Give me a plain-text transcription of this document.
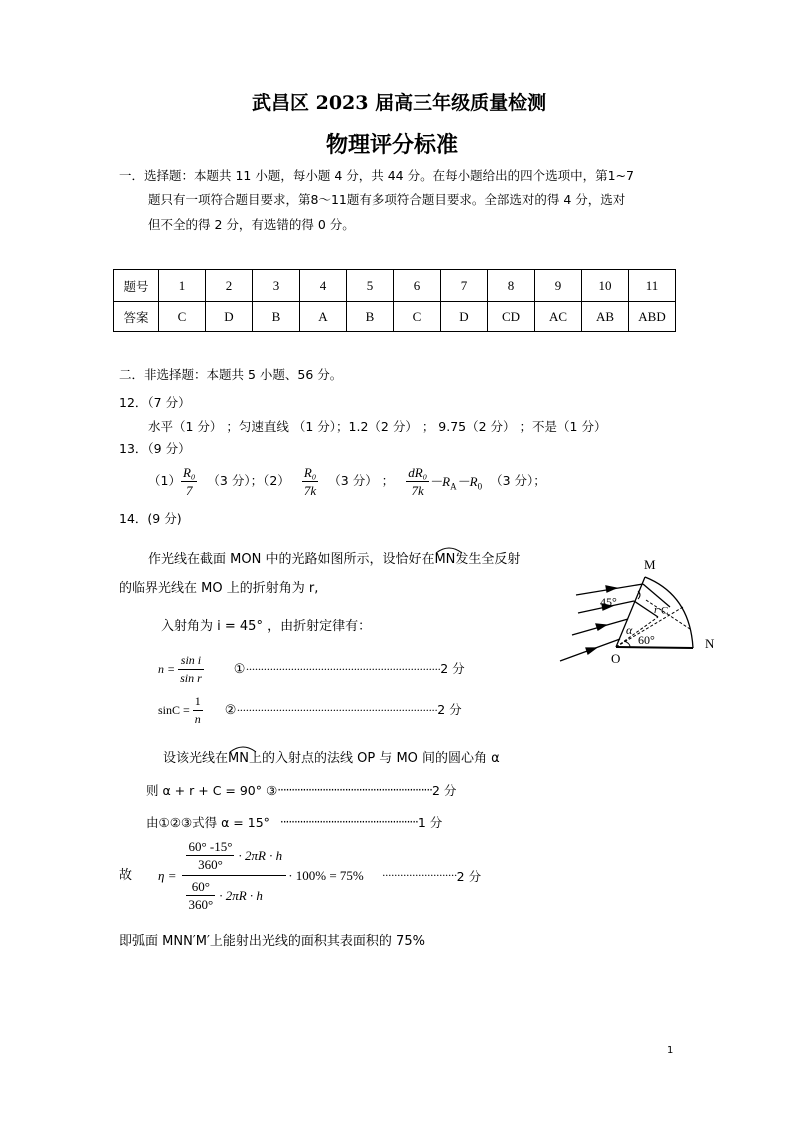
武昌区 2023 届高三年级质量检测
物理评分标准
一．选择题：本题共 11 小题，每小题 4 分，共 44 分。在每小题给出的四个选项中，第1~7
题只有一项符合题目要求，第8～11题有多项符合题目要求。全部选对的得 4 分，选对
但不全的得 2 分，有选错的得 0 分。
题号	1	2	3	4	5	6	7	8	9	10	11
答案	C	D	B	A	B	C	D	CD	AC	AB	ABD
二．非选择题：本题共 5 小题、56 分。
12．（7 分）
水平（1 分） ；匀速直线 （1 分）；1.2（2 分） ； 9.75（2 分） ；不是（1 分）
13．（9 分）
$(1) \frac{\text{R₀}}{7} (3$ 分）；$(2) \frac{\text{R₀}}{7k} (3$ 分） ； $\frac{\text{dR₀}}{7k} -R_A -R_0$ （3 分）；
14．(9 分)
作光线在截面 MON 中的光路如图所示，设恰好在
MN发生全反射
的临界光线在 MO 上的折射角为 r,
入射角为 i = 45° ，由折射定律有：
$n = \frac{\text{sin i}}{\text{sin r}}$ ① ································································· 2 分
$\sin C = \frac{1}{n}$ ② ··································································· 2 分
设该光线在
MN上的入射点的法线 OP 与 MO 间的圆心角 α
则 α + r + C = 90° ③ ······················································· 2 分
由①②③式得 α = 15° ················································· 1 分
故 $\eta = \frac{\frac{60^\circ -15^\circ}{360^\circ} \cdot 2\pi R \cdot h}{\frac{60^\circ}{360^\circ} \cdot 2\pi R \cdot h} \cdot 100\% = 75\%$ ························· 2 分
即弧面 MNN′M′上能射出光线的面积其表面积的 75%
M
N
O
45°
60°
r C
α
1
